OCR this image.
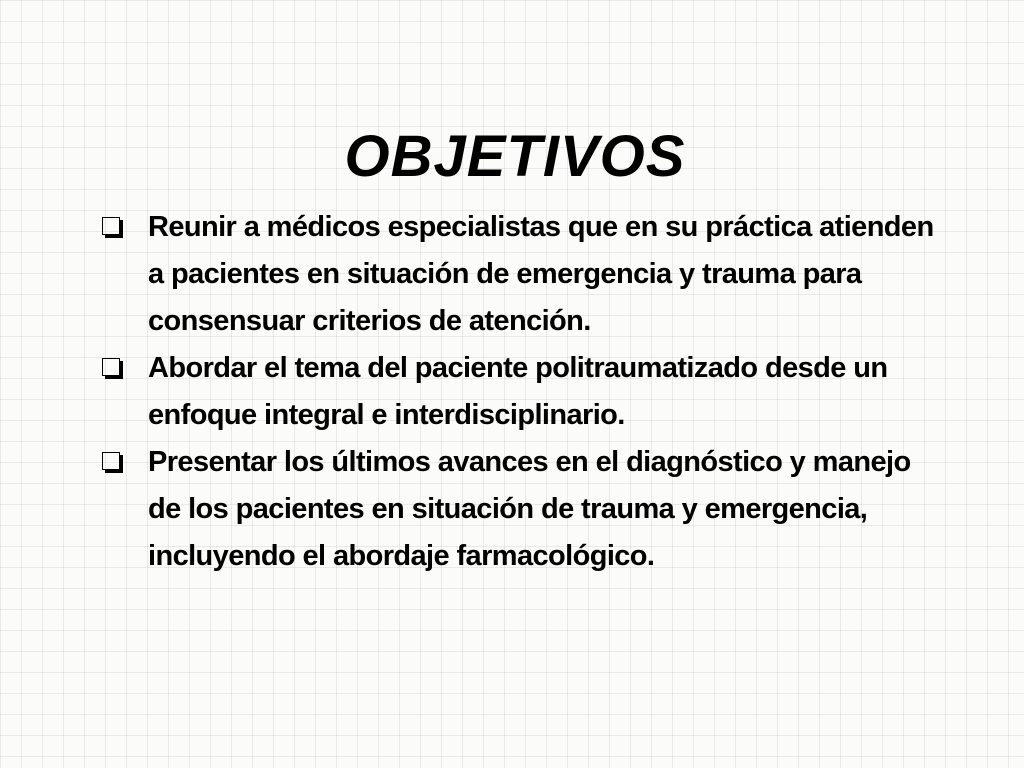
OBJETIVOS
Reunir a médicos especialistas que en su práctica atienden a pacientes en situación de emergencia y trauma para consensuar criterios de atención.
Abordar el tema del paciente politraumatizado desde un enfoque integral e interdisciplinario.
Presentar los últimos avances en el diagnóstico y manejo de los pacientes en situación de trauma y emergencia, incluyendo el abordaje farmacológico.
